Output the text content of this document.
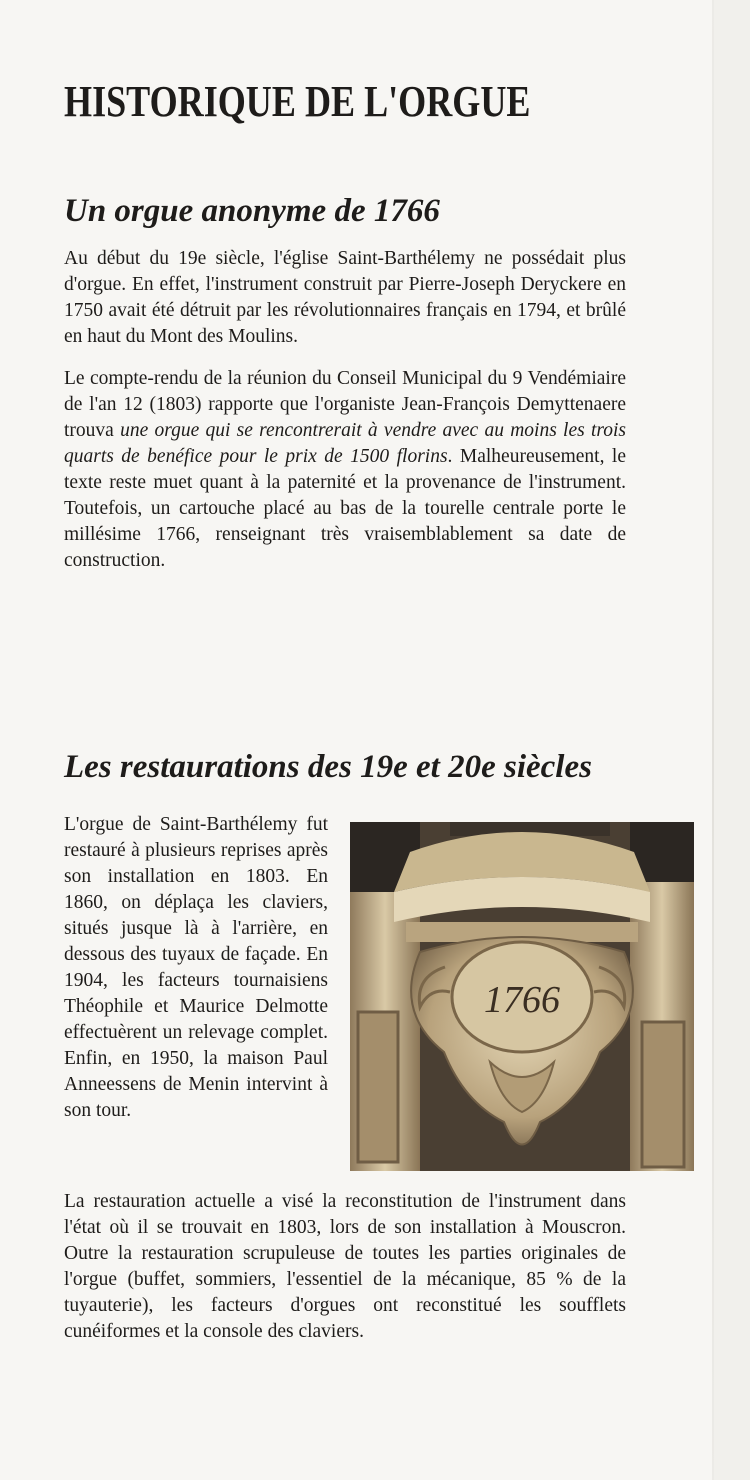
HISTORIQUE DE L'ORGUE
Un orgue anonyme de 1766

Au début du 19e siècle, l'église Saint-Barthélemy ne possédait plus d'orgue. En effet, l'instrument construit par Pierre-Joseph Deryckere en 1750 avait été détruit par les révolutionnaires français en 1794, et brûlé en haut du Mont des Moulins.

Le compte-rendu de la réunion du Conseil Municipal du 9 Vendémiaire de l'an 12 (1803) rapporte que l'organiste Jean-François Demyttenaere trouva une orgue qui se rencontrerait à vendre avec au moins les trois quarts de benéfice pour le prix de 1500 florins. Malheureusement, le texte reste muet quant à la paternité et la provenance de l'instrument. Toutefois, un cartouche placé au bas de la tourelle centrale porte le millésime 1766, renseignant très vraisemblablement sa date de construction.

Les restaurations des 19e et 20e siècles

L'orgue de Saint-Barthélemy fut restauré à plusieurs reprises après son installation en 1803. En 1860, on déplaça les claviers, situés jusque là à l'arrière, en dessous des tuyaux de façade. En 1904, les facteurs tournaisiens Théophile et Maurice Delmotte effectuèrent un relevage complet. Enfin, en 1950, la maison Paul Anneessens de Menin intervint à son tour.

1766

La restauration actuelle a visé la reconstitution de l'instrument dans l'état où il se trouvait en 1803, lors de son installation à Mouscron. Outre la restauration scrupuleuse de toutes les parties originales de l'orgue (buffet, sommiers, l'essentiel de la mécanique, 85 % de la tuyauterie), les facteurs d'orgues ont reconstitué les soufflets cunéiformes et la console des claviers.
